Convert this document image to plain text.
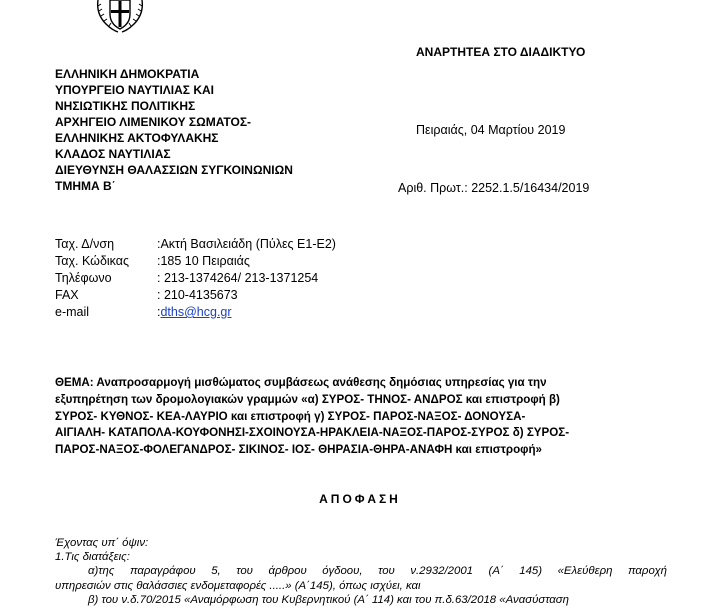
ΕΛΛΗΝΙΚΗ ΔΗΜΟΚΡΑΤΙΑ
ΥΠΟΥΡΓΕΙΟ ΝΑΥΤΙΛΙΑΣ ΚΑΙ
ΝΗΣΙΩΤΙΚΗΣ ΠΟΛΙΤΙΚΗΣ
ΑΡΧΗΓΕΙΟ ΛΙΜΕΝΙΚΟΥ ΣΩΜΑΤΟΣ-
ΕΛΛΗΝΙΚΗΣ ΑΚΤΟΦΥΛΑΚΗΣ
ΚΛΑΔΟΣ ΝΑΥΤΙΛΙΑΣ
ΔΙΕΥΘΥΝΣΗ ΘΑΛΑΣΣΙΩΝ ΣΥΓΚΟΙΝΩΝΙΩΝ
ΤΜΗΜΑ Β΄
ΑΝΑΡΤΗΤΕΑ ΣΤΟ ΔΙΑΔΙΚΤΥΟ
Πειραιάς, 04 Μαρτίου 2019
Αριθ. Πρωτ.: 2252.1.5/16434/2019
Ταχ. Δ/νση	:Ακτή Βασιλειάδη (Πύλες Ε1-Ε2)
Ταχ. Κώδικας	:185 10 Πειραιάς
Τηλέφωνο	: 213-1374264/ 213-1371254
FAX	: 210-4135673
e-mail	: dths@hcg.gr
ΘΕΜΑ: Αναπροσαρμογή μισθώματος συμβάσεως ανάθεσης δημόσιας υπηρεσίας για την
εξυπηρέτηση των δρομολογιακών γραμμών «α) ΣΥΡΟΣ- ΤΗΝΟΣ- ΑΝΔΡΟΣ και επιστροφή β)
ΣΥΡΟΣ- ΚΥΘΝΟΣ- ΚΕΑ-ΛΑΥΡΙΟ και επιστροφή γ) ΣΥΡΟΣ- ΠΑΡΟΣ-ΝΑΞΟΣ- ΔΟΝΟΥΣΑ-
ΑΙΓΙΑΛΗ- ΚΑΤΑΠΟΛΑ-ΚΟΥΦΟΝΗΣΙ-ΣΧΟΙΝΟΥΣΑ-ΗΡΑΚΛΕΙΑ-ΝΑΞΟΣ-ΠΑΡΟΣ-ΣΥΡΟΣ δ) ΣΥΡΟΣ-
ΠΑΡΟΣ-ΝΑΞΟΣ-ΦΟΛΕΓΑΝΔΡΟΣ- ΣΙΚΙΝΟΣ- ΙΟΣ- ΘΗΡΑΣΙΑ-ΘΗΡΑ-ΑΝΑΦΗ και επιστροφή»
ΑΠΟΦΑΣΗ
Έχοντας υπ΄ όψιν:
1.Τις διατάξεις:
α)της παραγράφου 5, του άρθρου όγδοου, του ν.2932/2001 (Α΄ 145) «Ελεύθερη παροχή
υπηρεσιών στις θαλάσσιες ενδομεταφορές .....» (Α΄145), όπως ισχύει, και
β) του ν.δ.70/2015 «Αναμόρφωση του Κυβερνητικού (Α΄ 114) και του π.δ.63/2018 «Ανασύσταση
